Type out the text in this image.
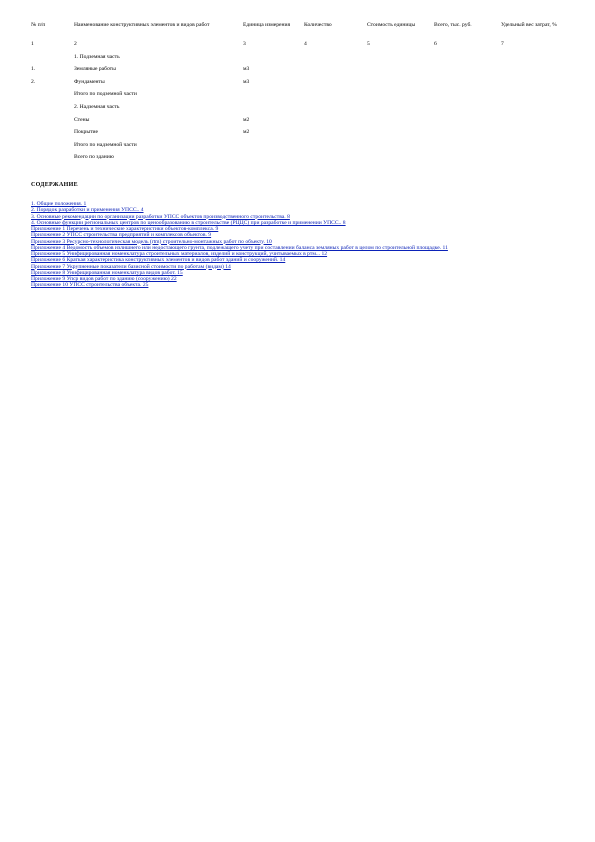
№ п/п	Наименование конструктивных элементов и видов работ	Единица измерения	Количество	Стоимость единицы	Всего, тыс. руб.	Удельный вес затрат, %
1	2	3	4	5	6	7
	1. Подземная часть					
1.	Земляные работы	м3				
2.	Фундаменты	м3				
	Итого по подземной части					
	2. Надземная часть					
	Стены	м2				
	Покрытие	м2				
	Итого по надземной части					
	Всего по зданию					
СОДЕРЖАНИЕ
1. Общие положения. 1
2. Порядок разработки и применения УПСС.. 4
3. Основные рекомендации по организации разработки УПСС объектов производственного строительства. 8
4. Основные функции региональных центров по ценообразованию в строительстве (РЦЦС) при разработке и применении УПСС.. 8
Приложение 1 Перечень и технические характеристики объектов-комплекса. 9
Приложение 2 УПСС строительства предприятий и комплексов объектов. 9
Приложение 3 Ресурсно-технологическая модель (rtm) строительно-монтажных работ по объекту. 10
Приложение 4 Ведомость объемов излишнего или недостающего грунта, подлежащего учету при составлении баланса земляных работ в целом по строительной площадке. 11
Приложение 5 Унифицированная номенклатура строительных материалов, изделий и конструкций, учитываемых в ртм... 12
Приложение 6 Краткая характеристика конструктивных элементов и видов работ зданий и сооружений. 14
Приложение 7 Укрупненные показатели базисной стоимости по работам (видам) 14
Приложение 8 Унифицированная номенклатура видов работ. 15
Приложение 9 Упср видов работ по зданию (сооружению) 22
Приложение 10 УПСС строительства объекта. 25
